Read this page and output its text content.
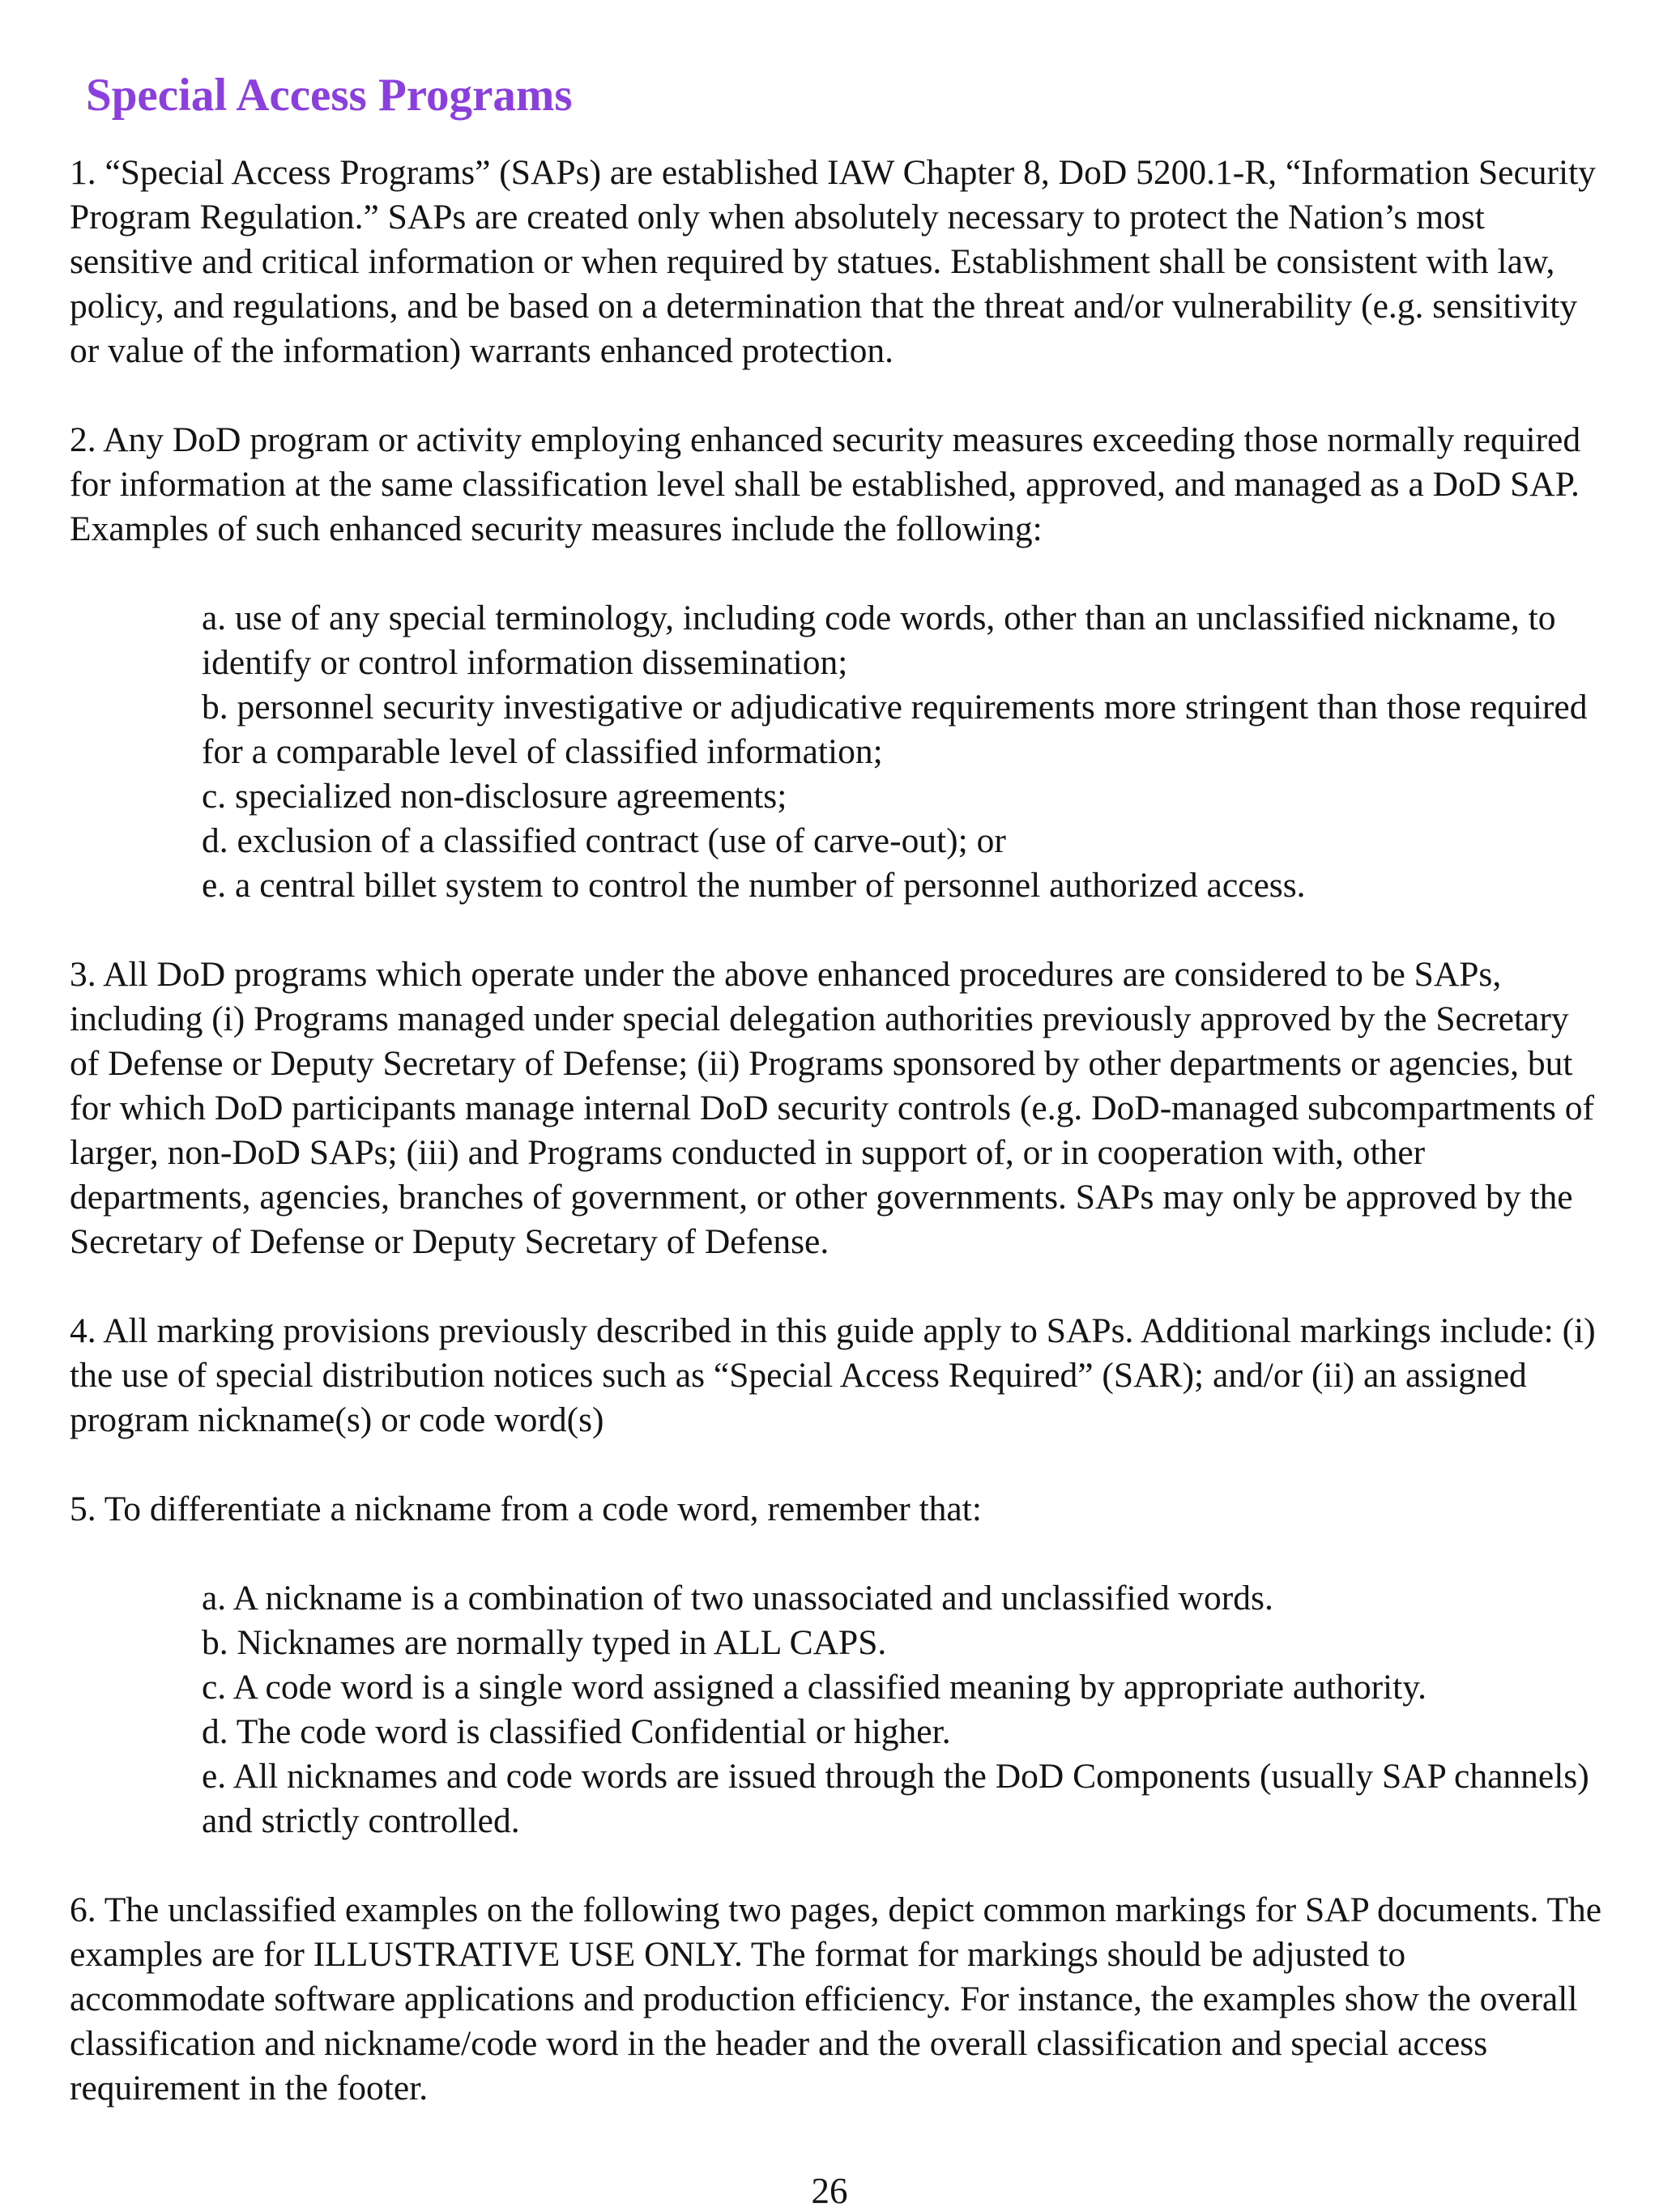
Special Access Programs

1. “Special Access Programs” (SAPs) are established IAW Chapter 8, DoD 5200.1-R, “Information Security Program Regulation.” SAPs are created only when absolutely necessary to protect the Nation’s most sensitive and critical information or when required by statues. Establishment shall be consistent with law, policy, and regulations, and be based on a determination that the threat and/or vulnerability (e.g. sensitivity or value of the information) warrants enhanced protection.

2. Any DoD program or activity employing enhanced security measures exceeding those normally required for information at the same classification level shall be established, approved, and managed as a DoD SAP. Examples of such enhanced security measures include the following:

a. use of any special terminology, including code words, other than an unclassified nickname, to identify or control information dissemination;

b. personnel security investigative or adjudicative requirements more stringent than those required for a comparable level of classified information;

c. specialized non-disclosure agreements;

d. exclusion of a classified contract (use of carve-out); or

e. a central billet system to control the number of personnel authorized access.

3. All DoD programs which operate under the above enhanced procedures are considered to be SAPs, including (i) Programs managed under special delegation authorities previously approved by the Secretary of Defense or Deputy Secretary of Defense; (ii) Programs sponsored by other departments or agencies, but for which DoD participants manage internal DoD security controls (e.g. DoD-managed subcompartments of larger, non-DoD SAPs; (iii) and Programs conducted in support of, or in cooperation with, other departments, agencies, branches of government, or other governments. SAPs may only be approved by the Secretary of Defense or Deputy Secretary of Defense.

4. All marking provisions previously described in this guide apply to SAPs. Additional markings include: (i) the use of special distribution notices such as “Special Access Required” (SAR); and/or (ii) an assigned program nickname(s) or code word(s)

5. To differentiate a nickname from a code word, remember that:

a. A nickname is a combination of two unassociated and unclassified words.

b. Nicknames are normally typed in ALL CAPS.

c. A code word is a single word assigned a classified meaning by appropriate authority.

d. The code word is classified Confidential or higher.

e. All nicknames and code words are issued through the DoD Components (usually SAP channels) and strictly controlled.

6. The unclassified examples on the following two pages, depict common markings for SAP documents. The examples are for ILLUSTRATIVE USE ONLY. The format for markings should be adjusted to accommodate software applications and production efficiency. For instance, the examples show the overall classification and nickname/code word in the header and the overall classification and special access requirement in the footer.

26
